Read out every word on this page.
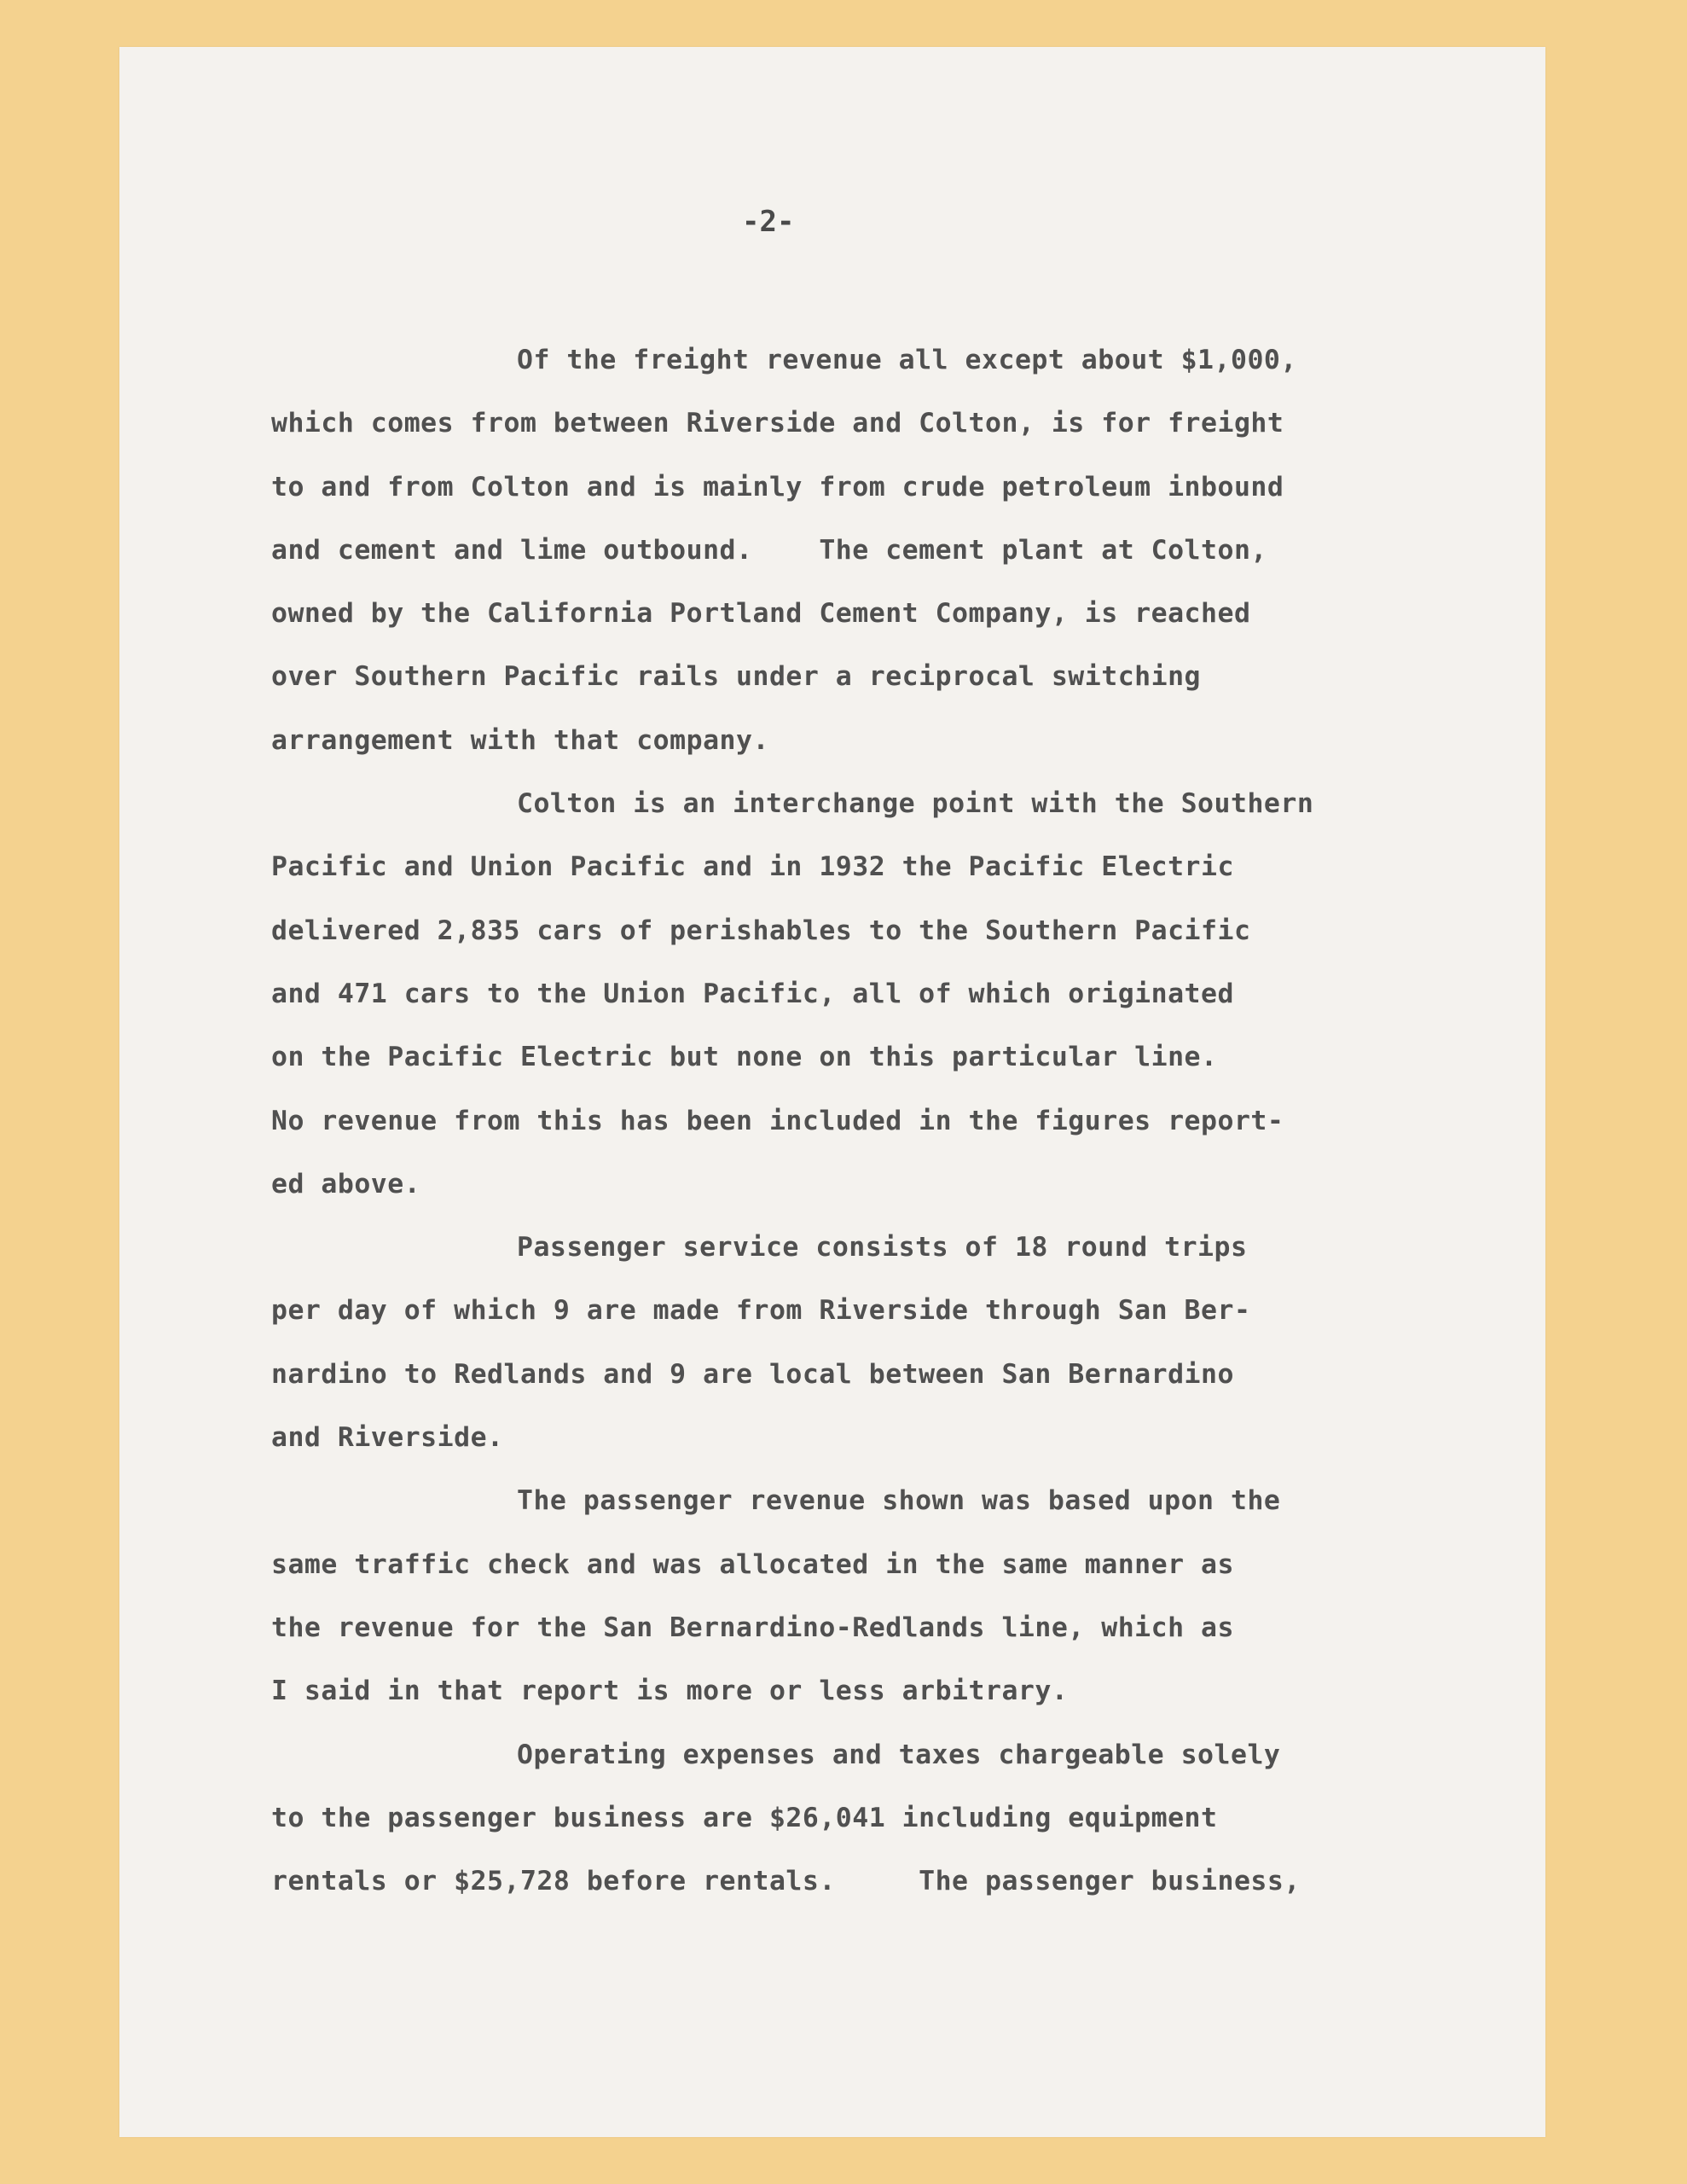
-2-
Of the freight revenue all except about $1,000,
which comes from between Riverside and Colton, is for freight
to and from Colton and is mainly from crude petroleum inbound
and cement and lime outbound.    The cement plant at Colton,
owned by the California Portland Cement Company, is reached
over Southern Pacific rails under a reciprocal switching
arrangement with that company.
Colton is an interchange point with the Southern
Pacific and Union Pacific and in 1932 the Pacific Electric
delivered 2,835 cars of perishables to the Southern Pacific
and 471 cars to the Union Pacific, all of which originated
on the Pacific Electric but none on this particular line.
No revenue from this has been included in the figures report-
ed above.
Passenger service consists of 18 round trips
per day of which 9 are made from Riverside through San Ber-
nardino to Redlands and 9 are local between San Bernardino
and Riverside.
The passenger revenue shown was based upon the
same traffic check and was allocated in the same manner as
the revenue for the San Bernardino-Redlands line, which as
I said in that report is more or less arbitrary.
Operating expenses and taxes chargeable solely
to the passenger business are $26,041 including equipment
rentals or $25,728 before rentals.     The passenger business,
